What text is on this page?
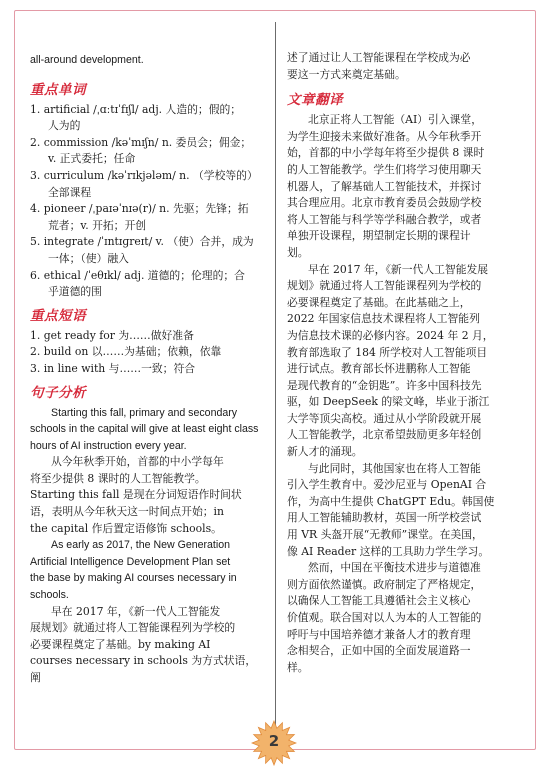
all-around development.

重点单词

1. artificial /ˌɑːtɪˈfɪʃl/ adj. 人造的；假的；

人为的

2. commission /kəˈmɪʃn/ n. 委员会；佣金；

v. 正式委托；任命

3. curriculum /kəˈrɪkjələm/ n. （学校等的）

全部课程

4. pioneer /ˌpaɪəˈnɪə(r)/ n. 先驱；先锋；拓

荒者；v. 开拓；开创

5. integrate /ˈɪntɪɡreɪt/ v. （使）合并，成为

一体；（使）融入

6. ethical /ˈeθɪkl/ adj. 道德的；伦理的；合

乎道德的围

重点短语

1. get ready for 为……做好准备

2. build on 以……为基础；依赖，依靠

3. in line with 与……一致；符合

句子分析

Starting this fall, primary and secondary

schools in the capital will give at least eight class

hours of AI instruction every year.

从今年秋季开始，首都的中小学每年

将至少提供 8 课时的人工智能教学。

Starting this fall 是现在分词短语作时间状

语，表明从今年秋天这一时间点开始；in

the capital 作后置定语修饰 schools。

As early as 2017, the New Generation

Artificial Intelligence Development Plan set

the base by making AI courses necessary in

schools.

早在 2017 年，《新一代人工智能发

展规划》就通过将人工智能课程列为学校的

必要课程奠定了基础。by making AI

courses necessary in schools 为方式状语，阐

述了通过让人工智能课程在学校成为必

要这一方式来奠定基础。

文章翻译

北京正将人工智能（AI）引入课堂，

为学生迎接未来做好准备。从今年秋季开

始，首都的中小学每年将至少提供 8 课时

的人工智能教学。学生们将学习使用聊天

机器人，了解基础人工智能技术，并探讨

其合理应用。北京市教育委员会鼓励学校

将人工智能与科学等学科融合教学，或者

单独开设课程，期望制定长期的课程计

划。

早在 2017 年，《新一代人工智能发展

规划》就通过将人工智能课程列为学校的

必要课程奠定了基础。在此基础之上，

2022 年国家信息技术课程将人工智能列

为信息技术课的必修内容。2024 年 2 月，

教育部选取了 184 所学校对人工智能项目

进行试点。教育部长怀进鹏称人工智能

是现代教育的“金钥匙”。许多中国科技先

驱，如 DeepSeek 的梁文峰，毕业于浙江

大学等顶尖高校。通过从小学阶段就开展

人工智能教学，北京希望鼓励更多年轻创

新人才的涌现。

与此同时，其他国家也在将人工智能

引入学生教育中。爱沙尼亚与 OpenAI 合

作，为高中生提供 ChatGPT Edu。韩国使

用人工智能辅助教材，英国一所学校尝试

用 VR 头盔开展“无教师”课堂。在美国，

像 AI Reader 这样的工具助力学生学习。

然而，中国在平衡技术进步与道德准

则方面依然谨慎。政府制定了严格规定，

以确保人工智能工具遵循社会主义核心

价值观。联合国对以人为本的人工智能的

呼吁与中国培养德才兼备人才的教育理

念相契合，正如中国的全面发展道路一

样。

2
